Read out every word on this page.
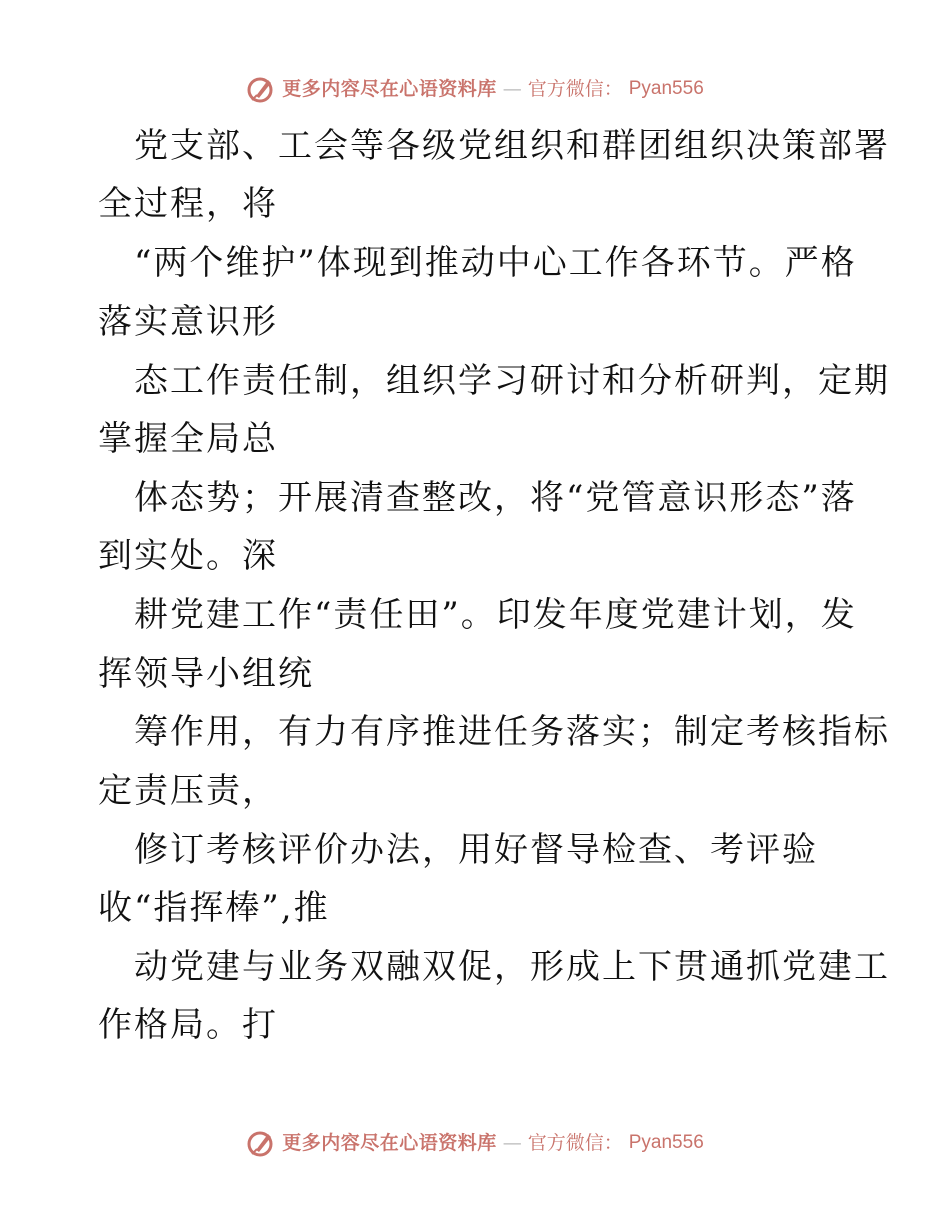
更多内容尽在心语资料库 — 官方微信： Pyan556
党支部、工会等各级党组织和群团组织决策部署
全过程，将
“两个维护”体现到推动中心工作各环节。严格
落实意识形
态工作责任制，组织学习研讨和分析研判，定期
掌握全局总
体态势；开展清查整改，将“党管意识形态”落
到实处。深
耕党建工作“责任田”。印发年度党建计划，发
挥领导小组统
筹作用，有力有序推进任务落实；制定考核指标
定责压责，
修订考核评价办法，用好督导检查、考评验
收“指挥棒”,推
动党建与业务双融双促，形成上下贯通抓党建工
作格局。打
更多内容尽在心语资料库 — 官方微信： Pyan556
